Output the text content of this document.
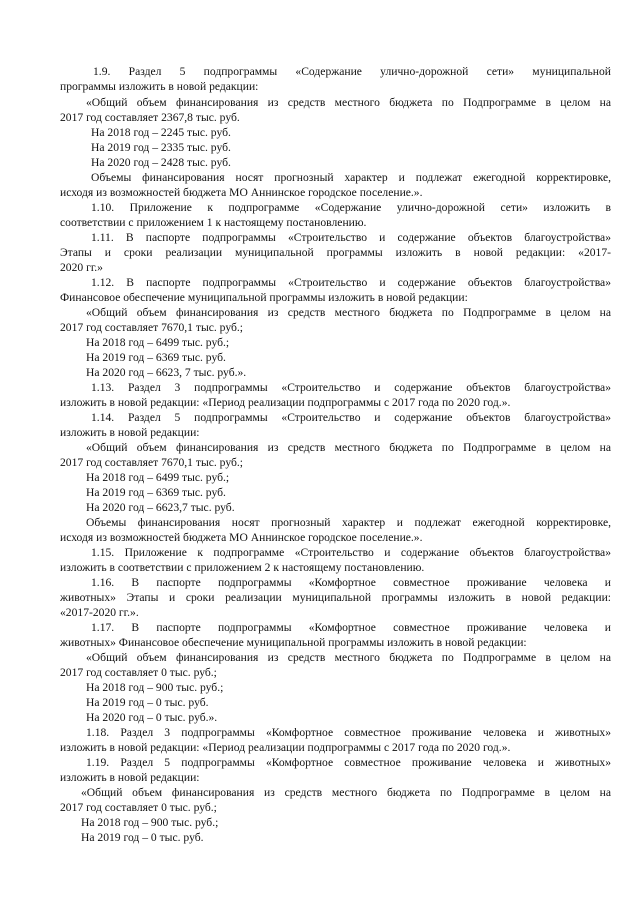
1.9. Раздел 5 подпрограммы «Содержание улично-дорожной сети» муниципальной
программы изложить в новой редакции:
«Общий объем финансирования из средств местного бюджета по Подпрограмме в целом на
2017 год составляет 2367,8 тыс. руб.
На 2018 год – 2245 тыс. руб.
На 2019 год – 2335 тыс. руб.
На 2020 год – 2428 тыс. руб.
Объемы финансирования носят прогнозный характер и подлежат ежегодной корректировке,
исходя из возможностей бюджета МО Аннинское городское поселение.».
1.10. Приложение к подпрограмме «Содержание улично-дорожной сети» изложить в
соответствии с приложением 1 к настоящему постановлению.
1.11. В паспорте подпрограммы «Строительство и содержание объектов благоустройства»
Этапы и сроки реализации муниципальной программы изложить в новой редакции: «2017-
2020 гг.»
1.12. В паспорте подпрограммы «Строительство и содержание объектов благоустройства»
Финансовое обеспечение муниципальной программы изложить в новой редакции:
«Общий объем финансирования из средств местного бюджета по Подпрограмме в целом на
2017 год составляет 7670,1 тыс. руб.;
На 2018 год – 6499 тыс. руб.;
На 2019 год – 6369 тыс. руб.
На 2020 год – 6623, 7 тыс. руб.».
1.13. Раздел 3 подпрограммы «Строительство и содержание объектов благоустройства»
изложить в новой редакции: «Период реализации подпрограммы с 2017 года по 2020 год.».
1.14. Раздел 5 подпрограммы «Строительство и содержание объектов благоустройства»
изложить в новой редакции:
«Общий объем финансирования из средств местного бюджета по Подпрограмме в целом на
2017 год составляет 7670,1 тыс. руб.;
На 2018 год – 6499 тыс. руб.;
На 2019 год – 6369 тыс. руб.
На 2020 год – 6623,7 тыс. руб.
Объемы финансирования носят прогнозный характер и подлежат ежегодной корректировке,
исходя из возможностей бюджета МО Аннинское городское поселение.».
1.15. Приложение к подпрограмме «Строительство и содержание объектов благоустройства»
изложить в соответствии с приложением 2 к настоящему постановлению.
1.16. В паспорте подпрограммы «Комфортное совместное проживание человека и
животных» Этапы и сроки реализации муниципальной программы изложить в новой редакции:
«2017-2020 гг.».
1.17. В паспорте подпрограммы «Комфортное совместное проживание человека и
животных» Финансовое обеспечение муниципальной программы изложить в новой редакции:
«Общий объем финансирования из средств местного бюджета по Подпрограмме в целом на
2017 год составляет 0 тыс. руб.;
На 2018 год – 900 тыс. руб.;
На 2019 год – 0 тыс. руб.
На 2020 год – 0 тыс. руб.».
1.18. Раздел 3 подпрограммы «Комфортное совместное проживание человека и животных»
изложить в новой редакции: «Период реализации подпрограммы с 2017 года по 2020 год.».
1.19. Раздел 5 подпрограммы «Комфортное совместное проживание человека и животных»
изложить в новой редакции:
«Общий объем финансирования из средств местного бюджета по Подпрограмме в целом на
2017 год составляет 0 тыс. руб.;
На 2018 год – 900 тыс. руб.;
На 2019 год – 0 тыс. руб.
